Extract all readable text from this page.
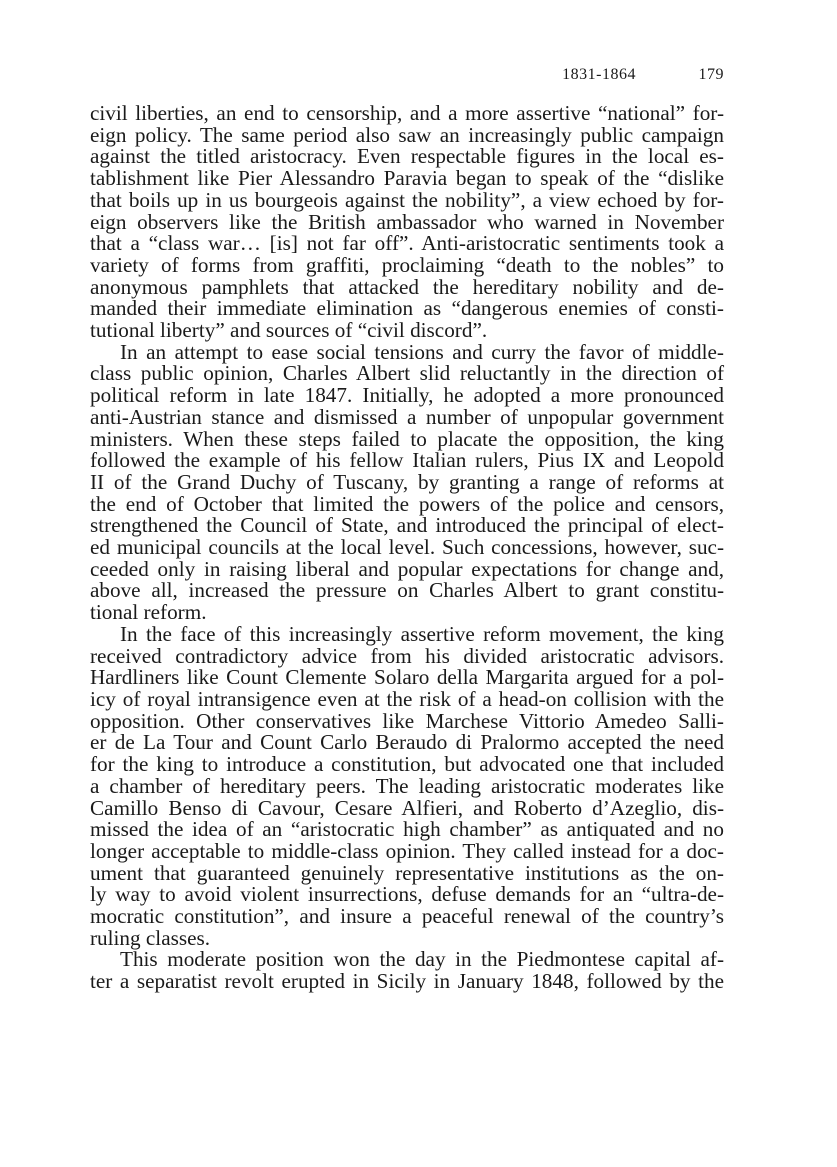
1831-1864	179
civil liberties, an end to censorship, and a more assertive “national” for-
eign policy. The same period also saw an increasingly public campaign
against the titled aristocracy. Even respectable figures in the local es-
tablishment like Pier Alessandro Paravia began to speak of the “dislike
that boils up in us bourgeois against the nobility”, a view echoed by for-
eign observers like the British ambassador who warned in November
that a “class war… [is] not far off”. Anti-aristocratic sentiments took a
variety of forms from graffiti, proclaiming “death to the nobles” to
anonymous pamphlets that attacked the hereditary nobility and de-
manded their immediate elimination as “dangerous enemies of consti-
tutional liberty” and sources of “civil discord”.
In an attempt to ease social tensions and curry the favor of middle-
class public opinion, Charles Albert slid reluctantly in the direction of
political reform in late 1847. Initially, he adopted a more pronounced
anti-Austrian stance and dismissed a number of unpopular government
ministers. When these steps failed to placate the opposition, the king
followed the example of his fellow Italian rulers, Pius IX and Leopold
II of the Grand Duchy of Tuscany, by granting a range of reforms at
the end of October that limited the powers of the police and censors,
strengthened the Council of State, and introduced the principal of elect-
ed municipal councils at the local level. Such concessions, however, suc-
ceeded only in raising liberal and popular expectations for change and,
above all, increased the pressure on Charles Albert to grant constitu-
tional reform.
In the face of this increasingly assertive reform movement, the king
received contradictory advice from his divided aristocratic advisors.
Hardliners like Count Clemente Solaro della Margarita argued for a pol-
icy of royal intransigence even at the risk of a head-on collision with the
opposition. Other conservatives like Marchese Vittorio Amedeo Salli-
er de La Tour and Count Carlo Beraudo di Pralormo accepted the need
for the king to introduce a constitution, but advocated one that included
a chamber of hereditary peers. The leading aristocratic moderates like
Camillo Benso di Cavour, Cesare Alfieri, and Roberto d’Azeglio, dis-
missed the idea of an “aristocratic high chamber” as antiquated and no
longer acceptable to middle-class opinion. They called instead for a doc-
ument that guaranteed genuinely representative institutions as the on-
ly way to avoid violent insurrections, defuse demands for an “ultra-de-
mocratic constitution”, and insure a peaceful renewal of the country’s
ruling classes.
This moderate position won the day in the Piedmontese capital af-
ter a separatist revolt erupted in Sicily in January 1848, followed by the
